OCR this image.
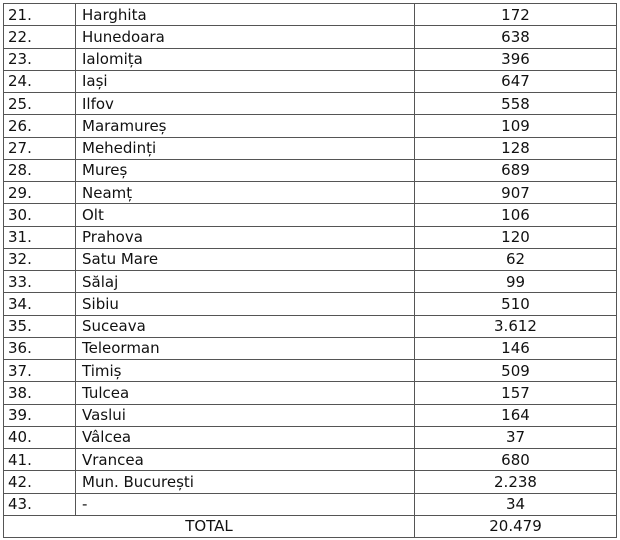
21.	Harghita	172
22.	Hunedoara	638
23.	Ialomița	396
24.	Iași	647
25.	Ilfov	558
26.	Maramureș	109
27.	Mehedinți	128
28.	Mureș	689
29.	Neamț	907
30.	Olt	106
31.	Prahova	120
32.	Satu Mare	62
33.	Sălaj	99
34.	Sibiu	510
35.	Suceava	3.612
36.	Teleorman	146
37.	Timiș	509
38.	Tulcea	157
39.	Vaslui	164
40.	Vâlcea	37
41.	Vrancea	680
42.	Mun. București	2.238
43.	-	34
TOTAL		20.479
